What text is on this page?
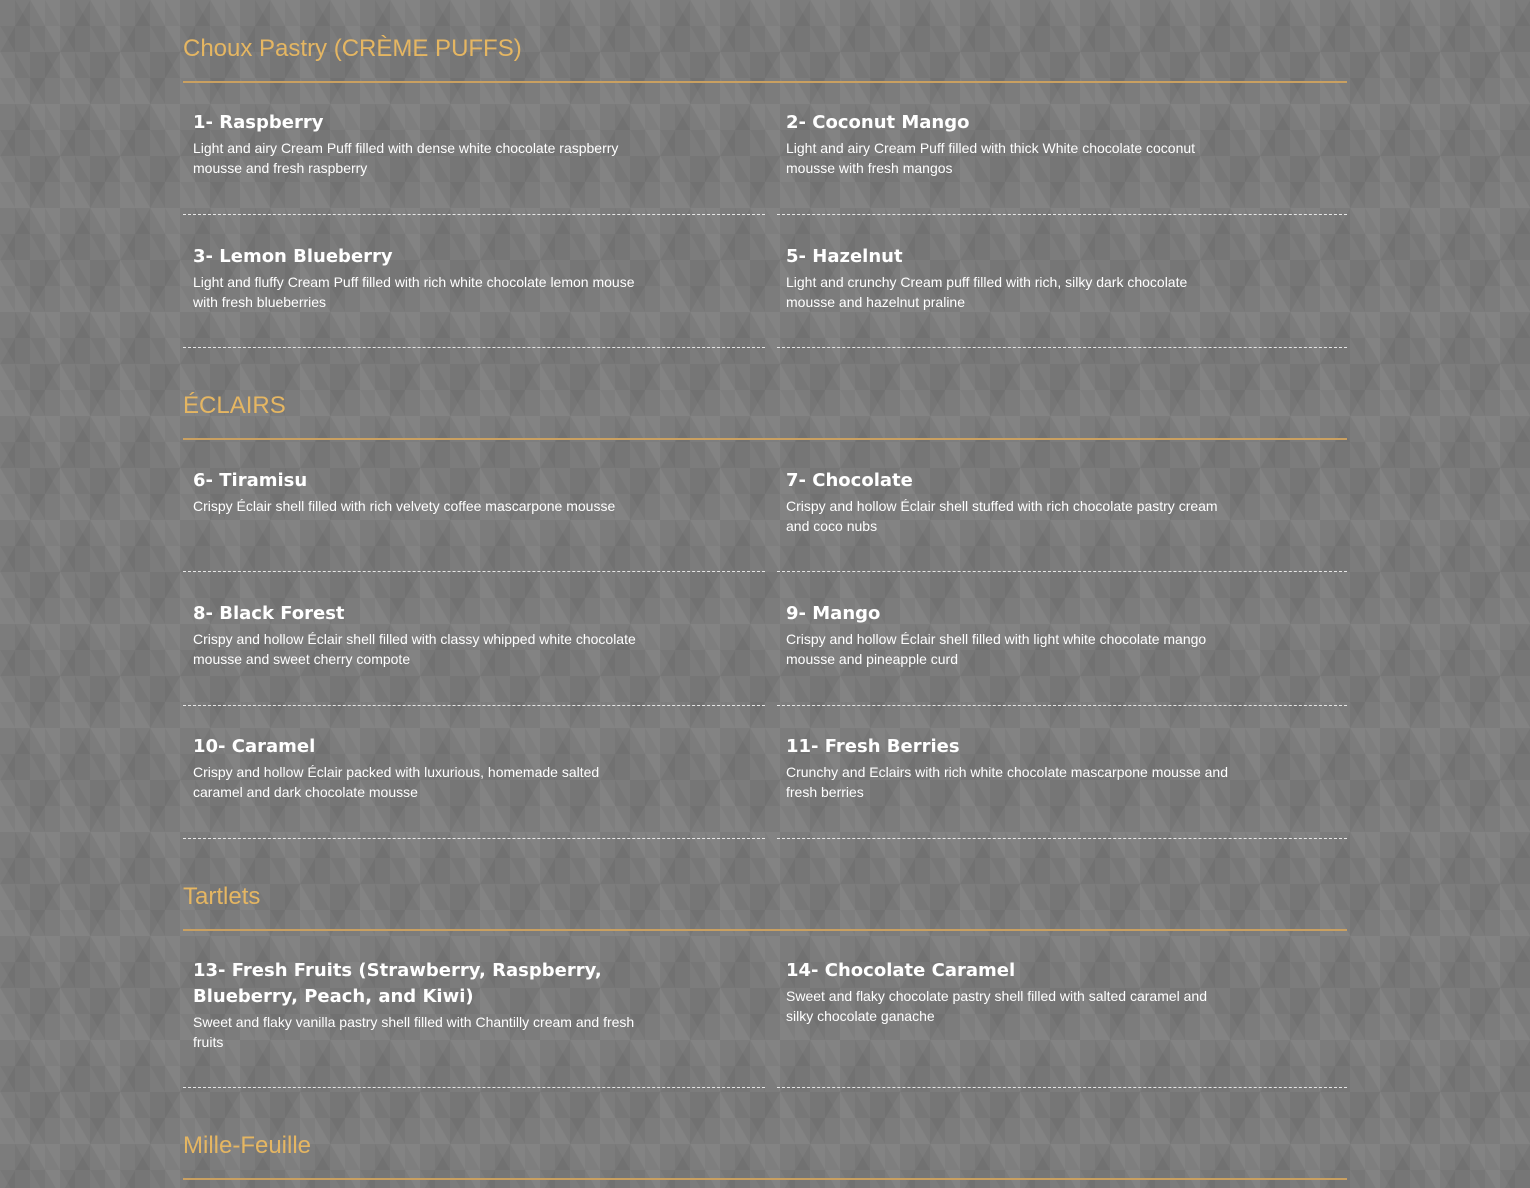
Choux Pastry (CRÈME PUFFS)
1- Raspberry

Light and airy Cream Puff filled with dense white chocolate raspberry mousse and fresh raspberry

2- Coconut Mango

Light and airy Cream Puff filled with thick White chocolate coconut mousse with fresh mangos

3- Lemon Blueberry

Light and fluffy Cream Puff filled with rich white chocolate lemon mouse with fresh blueberries

5- Hazelnut

Light and crunchy Cream puff filled with rich, silky dark chocolate mousse and hazelnut praline

ÉCLAIRS
6- Tiramisu

Crispy Éclair shell filled with rich velvety coffee mascarpone mousse

7- Chocolate

Crispy and hollow Éclair shell stuffed with rich chocolate pastry cream and coco nubs

8- Black Forest

Crispy and hollow Éclair shell filled with classy whipped white chocolate mousse and sweet cherry compote

9- Mango

Crispy and hollow Éclair shell filled with light white chocolate mango mousse and pineapple curd

10- Caramel

Crispy and hollow Éclair packed with luxurious, homemade salted caramel and dark chocolate mousse

11- Fresh Berries

Crunchy and Eclairs with rich white chocolate mascarpone mousse and fresh berries

Tartlets
13- Fresh Fruits (Strawberry, Raspberry, Blueberry, Peach, and Kiwi)

Sweet and flaky vanilla pastry shell filled with Chantilly cream and fresh fruits

14- Chocolate Caramel

Sweet and flaky chocolate pastry shell filled with salted caramel and silky chocolate ganache

Mille-Feuille
